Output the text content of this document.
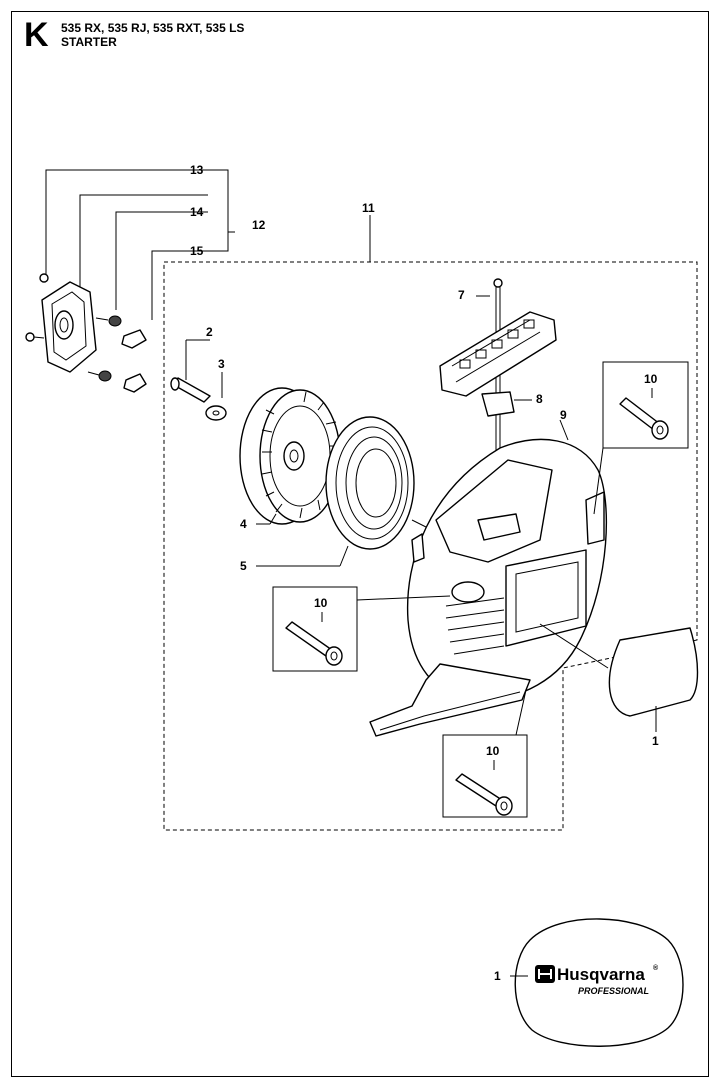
K 535 RX, 535 RJ, 535 RXT, 535 LS
STARTER
Husqvarna ®
PROFESSIONAL
13
14
12
15
11
7
2
3
10
8
9
4
5
10
1
10
1
